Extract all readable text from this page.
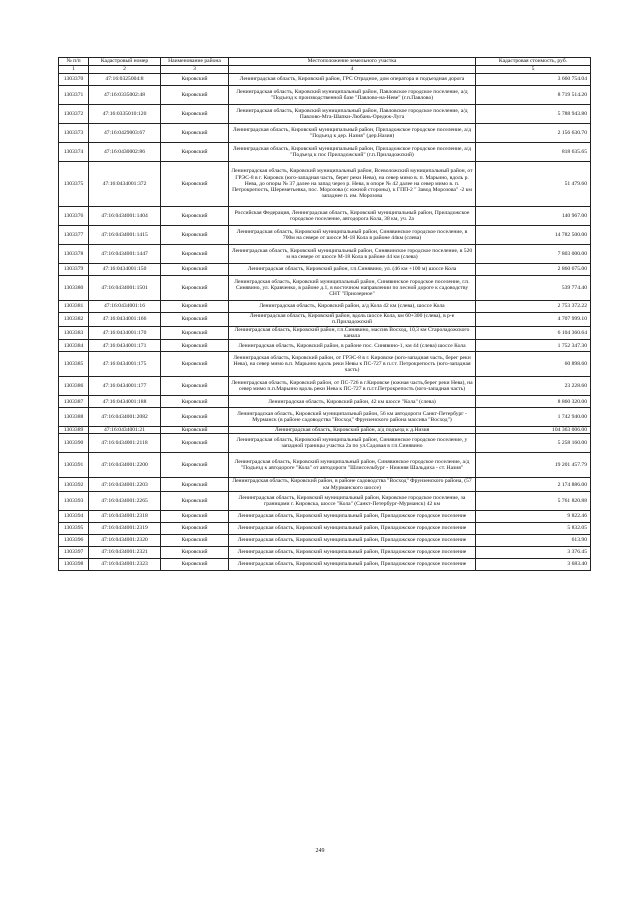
№ п/п	Кадастровый номер	Наименование района	Местоположение земельного участка	Кадастровая стоимость, руб.
1	2	3	4	5
1303370	47:16:0325004:8	Кировский	Ленинградская область, Кировский район, ГРС Отрадное, дом оператора и подъездная дорога	3 660 754.04
1303371	47:16:0335002:48	Кировский	Ленинградская область, Кировский муниципальный район, Павловское городское поселение, а/д "Подъезд к производственной базе "Павлово-на-Неве" (г.п.Павлово)	8 719 514.20
1303372	47:16:0335010:120	Кировский	Ленинградская область, Кировский муниципальный район, Павловское городское поселение, а/д Павлово-Мга-Шапки-Любань-Оредеж-Луга	5 788 943.80
1303373	47:16:0429003:67	Кировский	Ленинградская область, Кировский муниципальный район, Приладожское городское поселение, а/д "Подъезд к дер. Назия" (дер.Назия)	2 156 630.70
1303374	47:16:0430002:86	Кировский	Ленинградская область, Кировский муниципальный район, Приладожское городское поселение, а/д "Подъезд к пос Приладожский" (г.п.Приладожский)	818 635.65
1303375	47:16:0434001:372	Кировский	Ленинградская область, Кировский муниципальный район, Всеволожский муниципальный район, от ГРЭС-8 в г. Кировск (юго-западная часть, берег реки Нева), на север мимо в. п. Марьино, вдоль р. Нева, до опоры № 37 далее на запад через р. Нева, в опоре № 42 далее на север мимо в. п. Петрокрепость, Шереметьевка, пос. Морозова (с южной стороны), к ГПП-2 " Завод Морозова" -2 км западнее п. им. Морозова	51 479.60
1303376	47:16:0434001:1404	Кировский	Российская Федерация, Ленинградская область, Кировский муниципальный район, Приладожское городское поселение, автодорога Кола, 38 км, уч. 2а	140 967.00
1303377	47:16:0434001:1415	Кировский	Ленинградская область, Кировский муниципальный район, Синявинское городское поселение, в 700м на севере от шоссе М-18 Кола в районе 44км (слева)	14 782 500.00
1303378	47:16:0434001:1447	Кировский	Ленинградская область, Кировский муниципальный район, Синявинское городское поселение, в 520 м на севере от шоссе М-18 Кола в районе 44 км (слева)	7 803 000.00
1303379	47:16:0434001:150	Кировский	Ленинградская область, Кировский район, г.п.Синявино, ул. (46 км +100 м) шоссе Кола	2 860 675.00
1303380	47:16:0434001:1501	Кировский	Ленинградская область, Кировский муниципальный район, Синявинское городское поселение, г.п. Синявино, ул. Кравченко, в районе д.1, в восточном направлении по лесной дороге к садоводству СНТ "Приозерное"	539 774.40
1303381	47:16:0434001:16	Кировский	Ленинградская область, Кировский район, а/д Кола 42 км (слева), шоссе Кола	2 753 372.22
1303382	47:16:0434001:166	Кировский	Ленинградская область, Кировский район, вдоль шоссе Кола, км 60+300 (слева), в р-е п.Приладожский	4 707 999.10
1303383	47:16:0434001:170	Кировский	Ленинградская область, Кировский район, г.п.Синявино, массив Восход, 10,3 км Староладожского канала	6 104 360.64
1303384	47:16:0434001:171	Кировский	Ленинградская область, Кировский район, в районе пос. Синявино-1, км 44 (слева) шоссе Кола	1 752 347.30
1303385	47:16:0434001:175	Кировский	Ленинградская область, Кировский район, от ГРЭС-8 в г. Кировске (юго-западная часть, берег реки Нева), на север мимо в.п. Марьино вдоль реки Невы к ПС-727 в п.г.т. Петрокрепость (юго-западная часть)	60 898.60
1303386	47:16:0434001:177	Кировский	Ленинградская область, Кировский район, от ПС-726 в г.Кировске (южная часть,берег реки Нева), на север мимо п.п.Марьино вдоль реки Нева к ПС-727 в п.г.т.Петрокрепость (юго-западная часть)	23 228.60
1303387	47:16:0434001:188	Кировский	Ленинградская область, Кировский район, 42 км шоссе "Кола" (слева)	8 860 320.00
1303388	47:16:0434001:2082	Кировский	Ленинградская область, Кировский муниципальный район, 56 км автодороги Санкт-Петербург - Мурманск (в районе садоводства "Восход" Фрунзенского района массива "Восход")	1 742 940.00
1303389	47:16:0434001:21	Кировский	Ленинградская область, Кировский район, а/д подъезд к д.Низия	104 363 006.00
1303390	47:16:0434001:2118	Кировский	Ленинградская область, Кировский муниципальный район, Синявинское городское поселение, у западной границы участка 2а по ул.Садовая в г.п.Синявино	5 258 160.00
1303391	47:16:0434001:2200	Кировский	Ленинградская область, Кировский муниципальный район, Синявинское городское поселение, а/д "Подъезд к автодороге "Кола" от автодороги "Шлиссельбург - Нижняя Шальдиха - ст. Назия"	19 201 457.79
1303392	47:16:0434001:2203	Кировский	Ленинградская область, Кировский район, в районе садоводства "Восход" Фрунзенского района, (57 км Мурманского шоссе)	2 174 886.00
1303393	47:16:0434001:2265	Кировский	Ленинградская область, Кировский муниципальный район, Кировское городское поселение, за границами г. Кировска, шоссе "Кола" (Санкт-Петербург-Мурманск) 42 км	5 761 820.88
1303394	47:16:0434001:2318	Кировский	Ленинградская область, Кировский муниципальный район, Приладожское городское поселение	9 822.46
1303395	47:16:0434001:2319	Кировский	Ленинградская область, Кировский муниципальный район, Приладожское городское поселение	5 832.05
1303396	47:16:0434001:2320	Кировский	Ленинградская область, Кировский муниципальный район, Приладожское городское поселение	613.90
1303397	47:16:0434001:2321	Кировский	Ленинградская область, Кировский муниципальный район, Приладожское городское поселение	3 376.45
1303398	47:16:0434001:2323	Кировский	Ленинградская область, Кировский муниципальный район, Приладожское городское поселение	3 683.40
249
